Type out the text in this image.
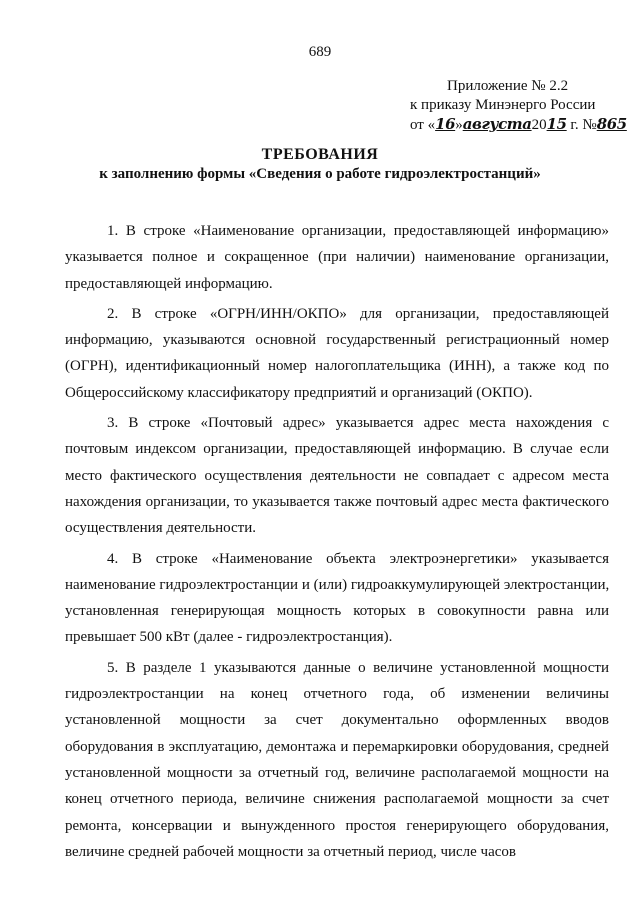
689
Приложение № 2.2
к приказу Минэнерго России
от «16»августа2015 г. №865
ТРЕБОВАНИЯ
к заполнению формы «Сведения о работе гидроэлектростанций»
1. В строке «Наименование организации, предоставляющей информацию»
указывается полное и сокращенное (при наличии) наименование организации,
предоставляющей информацию.
2. В строке «ОГРН/ИНН/ОКПО» для организации, предоставляющей
информацию, указываются основной государственный регистрационный номер
(ОГРН), идентификационный номер налогоплательщика (ИНН), а также код по
Общероссийскому классификатору предприятий и организаций (ОКПО).
3. В строке «Почтовый адрес» указывается адрес места нахождения с
почтовым индексом организации, предоставляющей информацию. В случае если
место фактического осуществления деятельности не совпадает с адресом места
нахождения организации, то указывается также почтовый адрес места фактического
осуществления деятельности.
4. В строке «Наименование объекта электроэнергетики» указывается
наименование гидроэлектростанции и (или) гидроаккумулирующей электростанции,
установленная генерирующая мощность которых в совокупности равна или
превышает 500 кВт (далее - гидроэлектростанция).
5. В разделе 1 указываются данные о величине установленной мощности
гидроэлектростанции на конец отчетного года, об изменении величины
установленной мощности за счет документально оформленных вводов
оборудования в эксплуатацию, демонтажа и перемаркировки оборудования, средней
установленной мощности за отчетный год, величине располагаемой мощности на
конец отчетного периода, величине снижения располагаемой мощности за счет
ремонта, консервации и вынужденного простоя генерирующего оборудования,
величине средней рабочей мощности за отчетный период, числе часов
